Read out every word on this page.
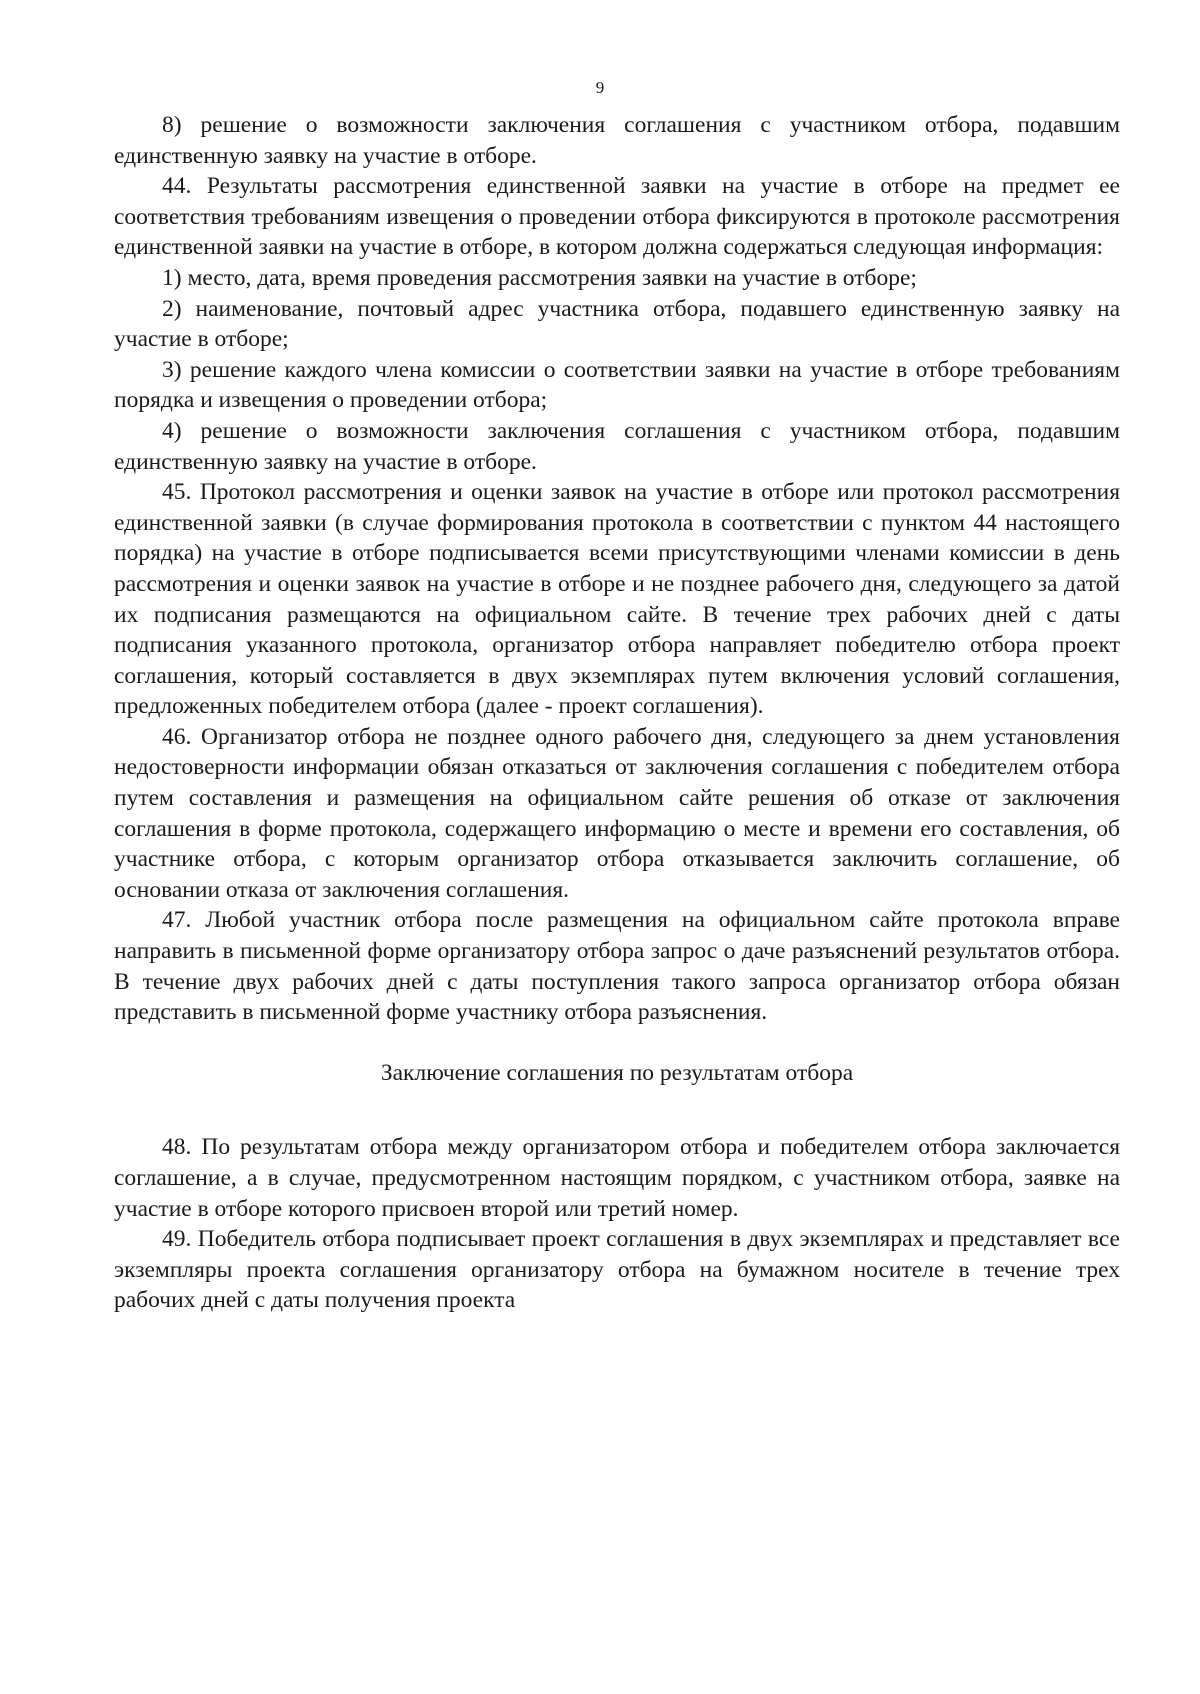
9

8) решение о возможности заключения соглашения с участником отбора, подавшим единственную заявку на участие в отборе.

44. Результаты рассмотрения единственной заявки на участие в отборе на предмет ее соответствия требованиям извещения о проведении отбора фиксируются в протоколе рассмотрения единственной заявки на участие в отборе, в котором должна содержаться следующая информация:

1) место, дата, время проведения рассмотрения заявки на участие в отборе;

2) наименование, почтовый адрес участника отбора, подавшего единственную заявку на участие в отборе;

3) решение каждого члена комиссии о соответствии заявки на участие в отборе требованиям порядка и извещения о проведении отбора;

4) решение о возможности заключения соглашения с участником отбора, подавшим единственную заявку на участие в отборе.

45. Протокол рассмотрения и оценки заявок на участие в отборе или протокол рассмотрения единственной заявки (в случае формирования протокола в соответствии с пунктом 44 настоящего порядка) на участие в отборе подписывается всеми присутствующими членами комиссии в день рассмотрения и оценки заявок на участие в отборе и не позднее рабочего дня, следующего за датой их подписания размещаются на официальном сайте. В течение трех рабочих дней с даты подписания указанного протокола, организатор отбора направляет победителю отбора проект соглашения, который составляется в двух экземплярах путем включения условий соглашения, предложенных победителем отбора (далее - проект соглашения).

46. Организатор отбора не позднее одного рабочего дня, следующего за днем установления недостоверности информации обязан отказаться от заключения соглашения с победителем отбора путем составления и размещения на официальном сайте решения об отказе от заключения соглашения в форме протокола, содержащего информацию о месте и времени его составления, об участнике отбора, с которым организатор отбора отказывается заключить соглашение, об основании отказа от заключения соглашения.

47. Любой участник отбора после размещения на официальном сайте протокола вправе направить в письменной форме организатору отбора запрос о даче разъяснений результатов отбора. В течение двух рабочих дней с даты поступления такого запроса организатор отбора обязан представить в письменной форме участнику отбора разъяснения.

Заключение соглашения по результатам отбора

48. По результатам отбора между организатором отбора и победителем отбора заключается соглашение, а в случае, предусмотренном настоящим порядком, с участником отбора, заявке на участие в отборе которого присвоен второй или третий номер.

49. Победитель отбора подписывает проект соглашения в двух экземплярах и представляет все экземпляры проекта соглашения организатору отбора на бумажном носителе в течение трех рабочих дней с даты получения проекта
